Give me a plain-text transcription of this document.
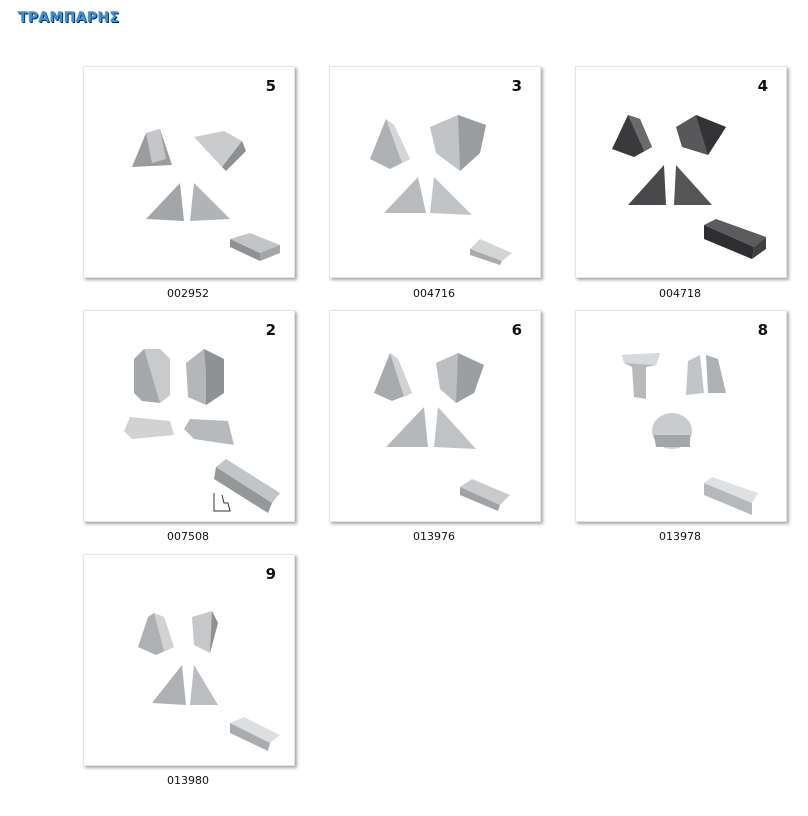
ΤΡΑΜΠΑΡΗΣ
5
002952
3
004716
4
004718
2
007508
6
013976
8
013978
9
013980
